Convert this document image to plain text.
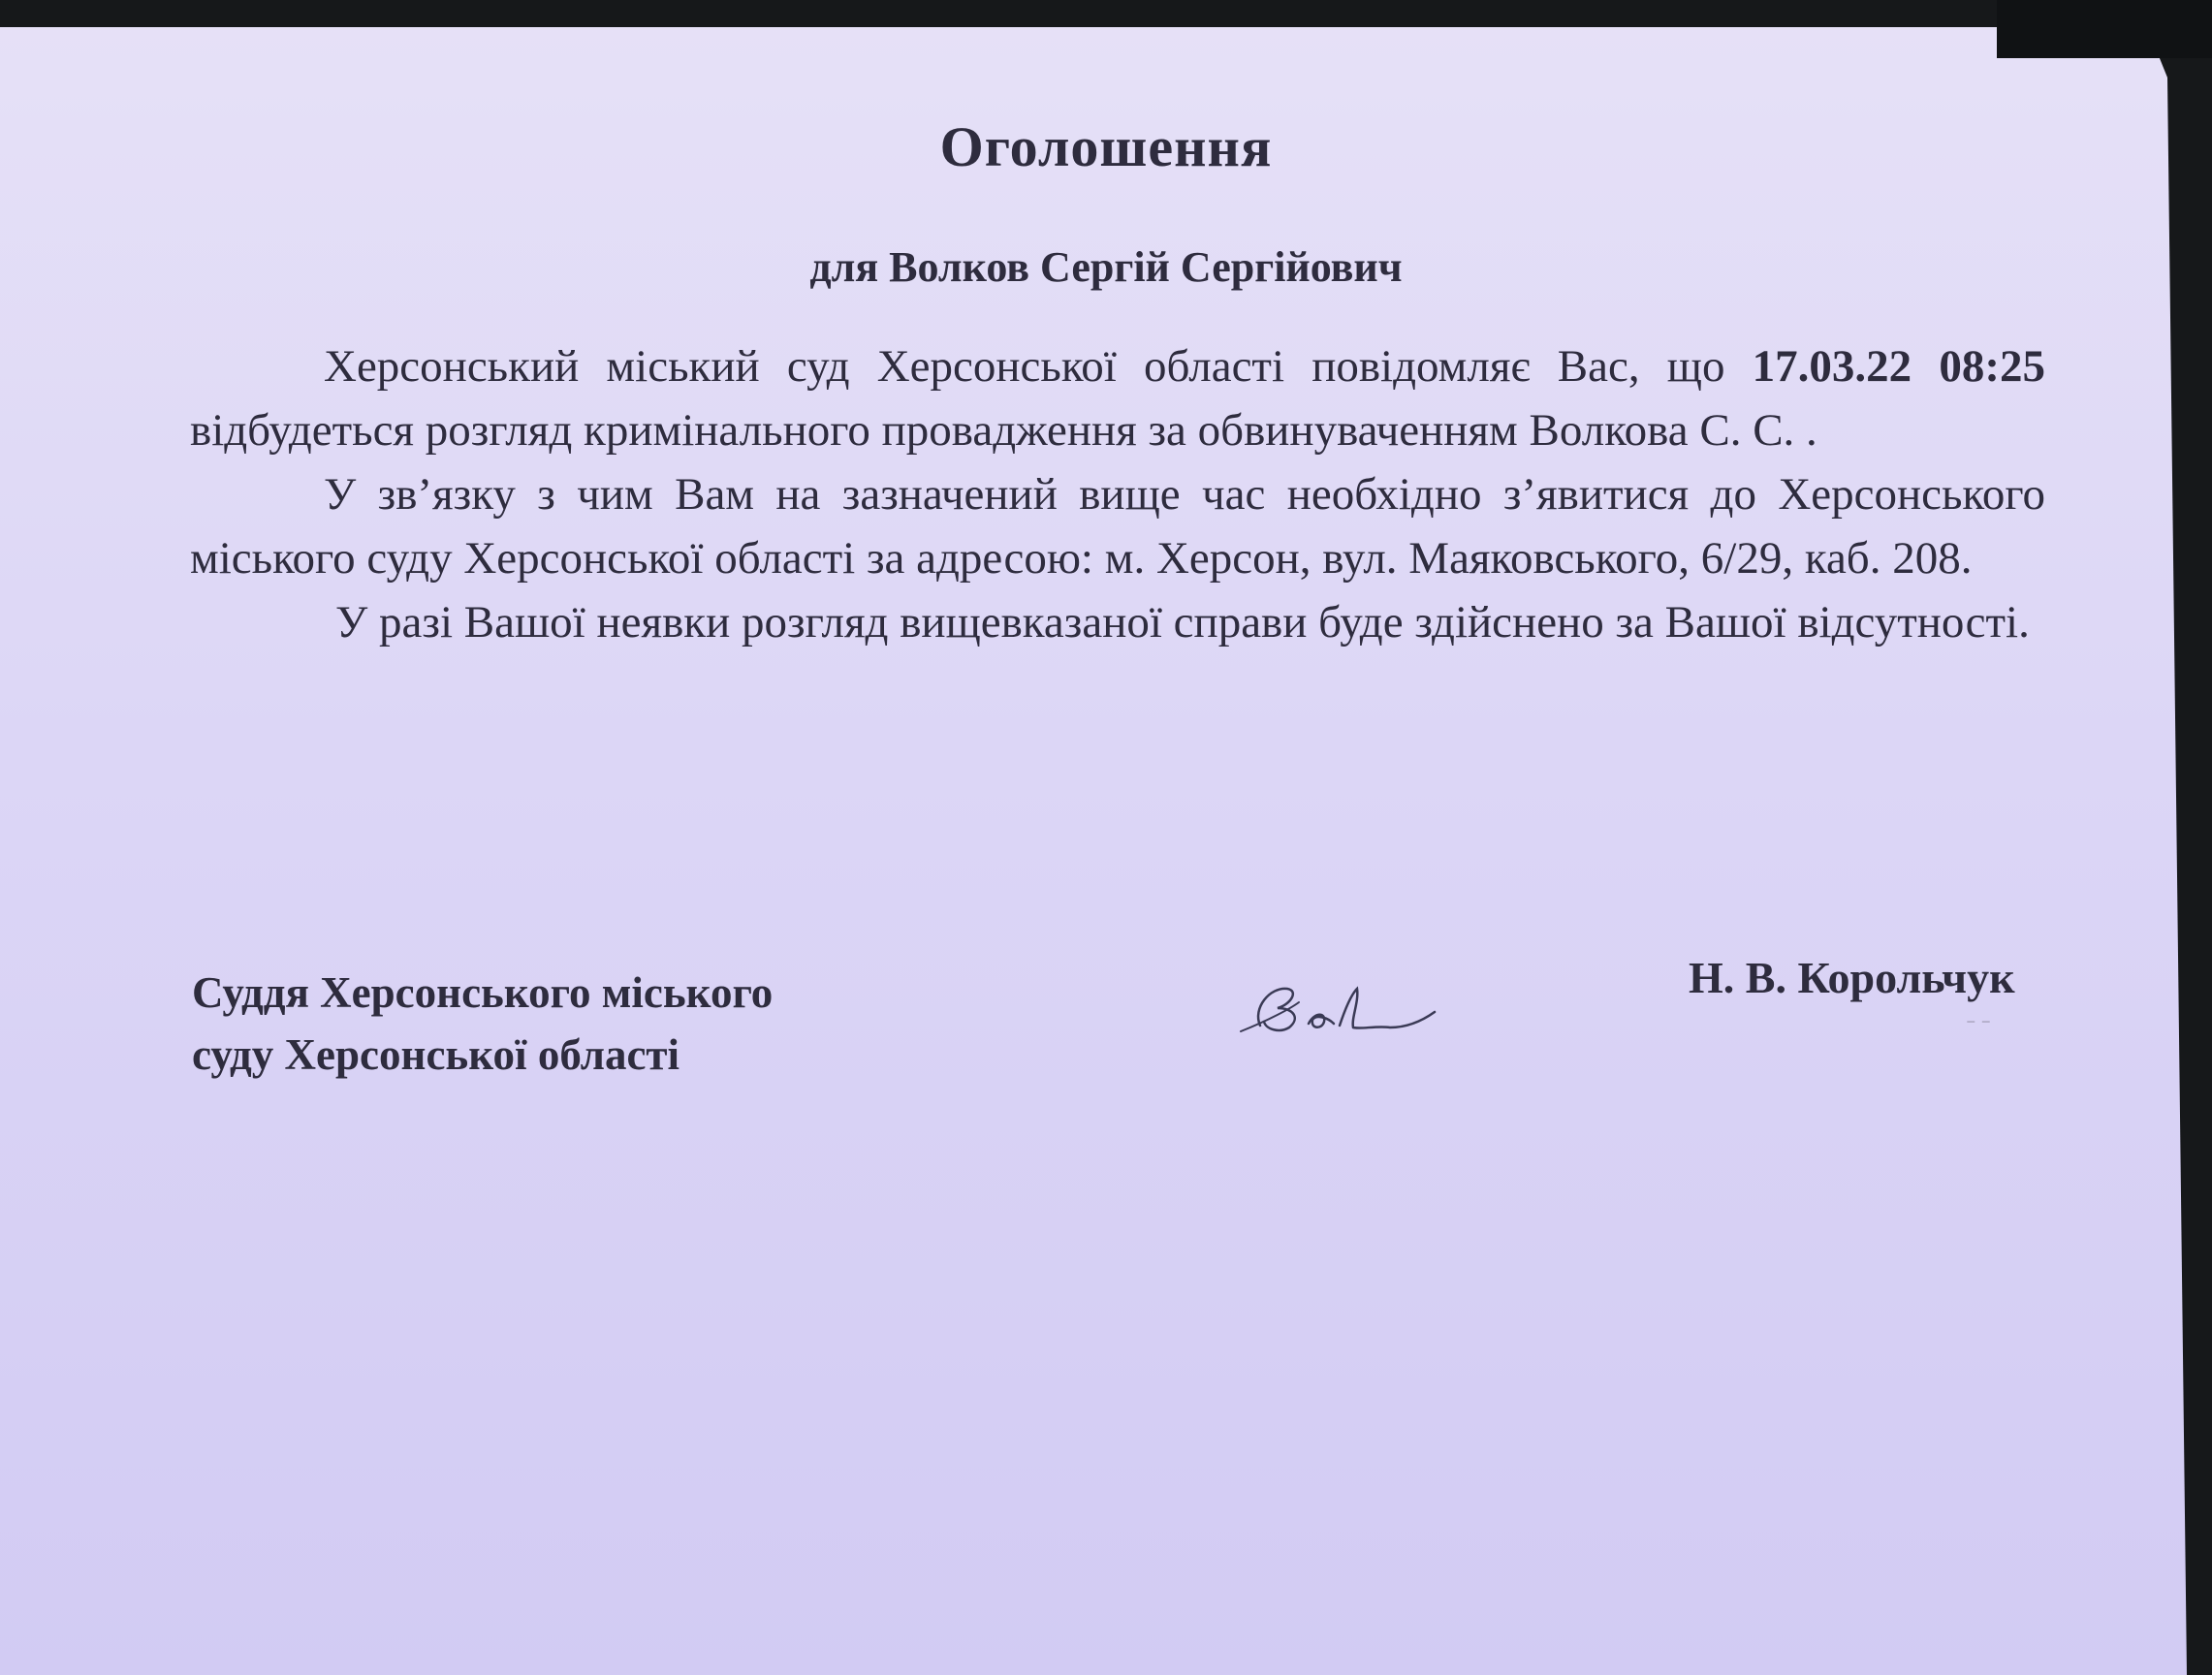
Оголошення
для Волков Сергій Сергійович

Херсонський міський суд Херсонської області повідомляє Вас, що 17.03.22 08:25 відбудеться розгляд кримінального провадження за обвинуваченням Волкова С. С. .

У зв’язку з чим Вам на зазначений вище час необхідно з’явитися до Херсонського міського суду Херсонської області за адресою: м. Херсон, вул. Маяковського, 6/29, каб. 208.

У разі Вашої неявки розгляд вищевказаної справи буде здійснено за Вашої відсутності.

Суддя Херсонського міського
суду Херсонської області
Н. В. Корольчук
⁻ ⁻
